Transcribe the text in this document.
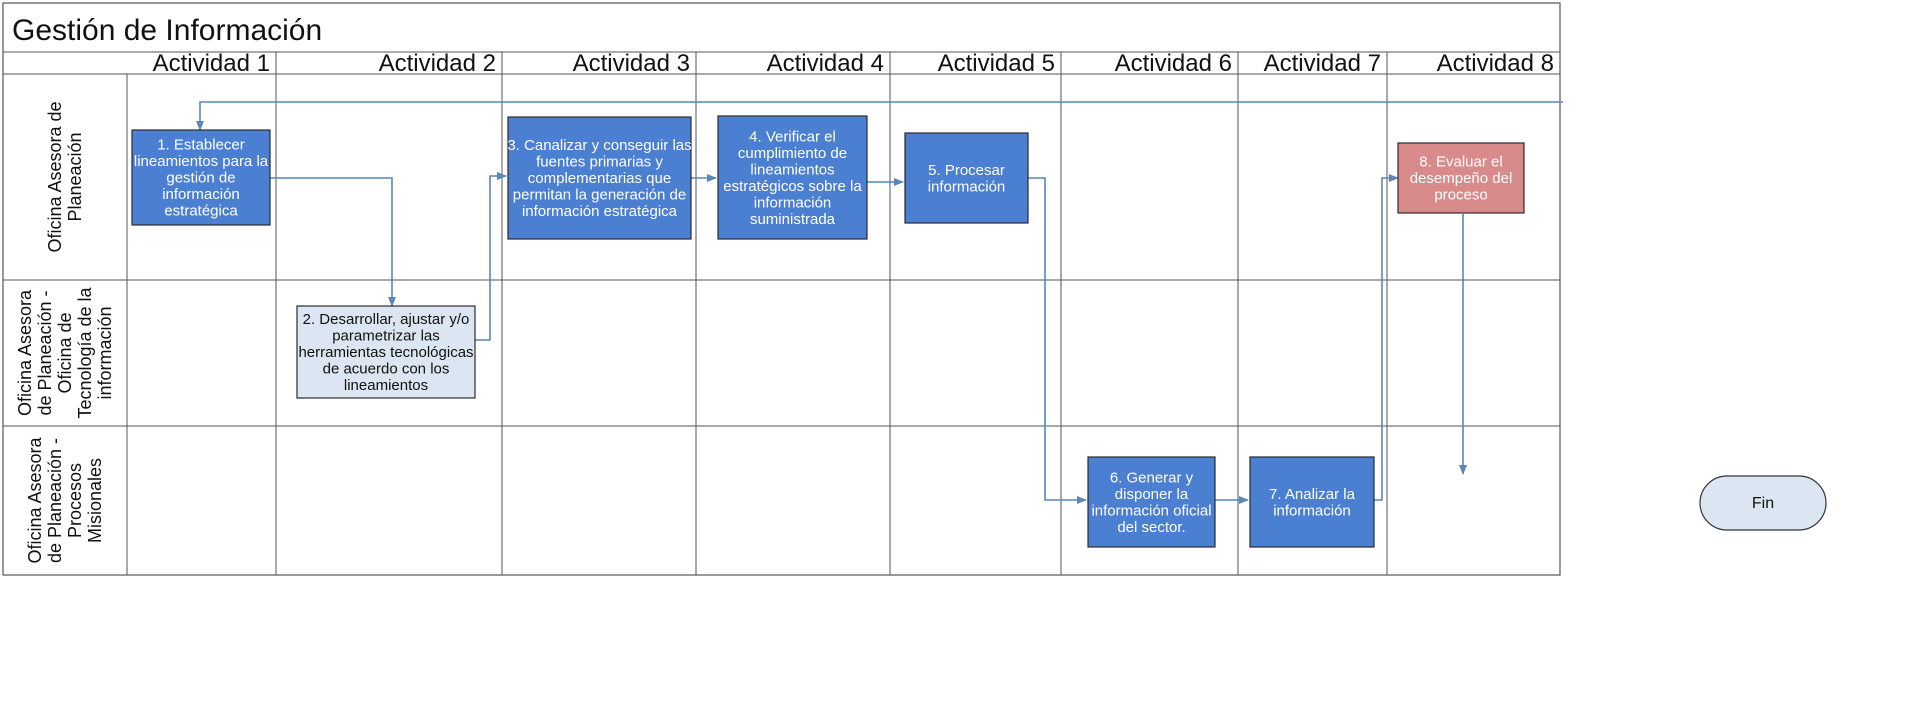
Gestión de Información
Actividad 1	Actividad 2	Actividad 3	Actividad 4 Actividad 5 Actividad 6 Actividad 7 Actividad 8
Oficina Asesora de Planeación
Oficina Asesora de Planeación - Oficina de Tecnología de la información
Oficina Asesora de Planeación - Procesos Misionales
1. Establecer
lineamientos para la
gestión de
información
estratégica
2. Desarrollar, ajustar y/o
parametrizar las
herramientas tecnológicas
de acuerdo con los
lineamientos
3. Canalizar y conseguir las
fuentes primarias y
complementarias que
permitan la generación de
información estratégica
4. Verificar el
cumplimiento de
lineamientos
estratégicos sobre la
información
suministrada
5. Procesar
información
6. Generar y
disponer la
información oficial
del sector.
7. Analizar la
información
8. Evaluar el
desempeño del
proceso
Fin
